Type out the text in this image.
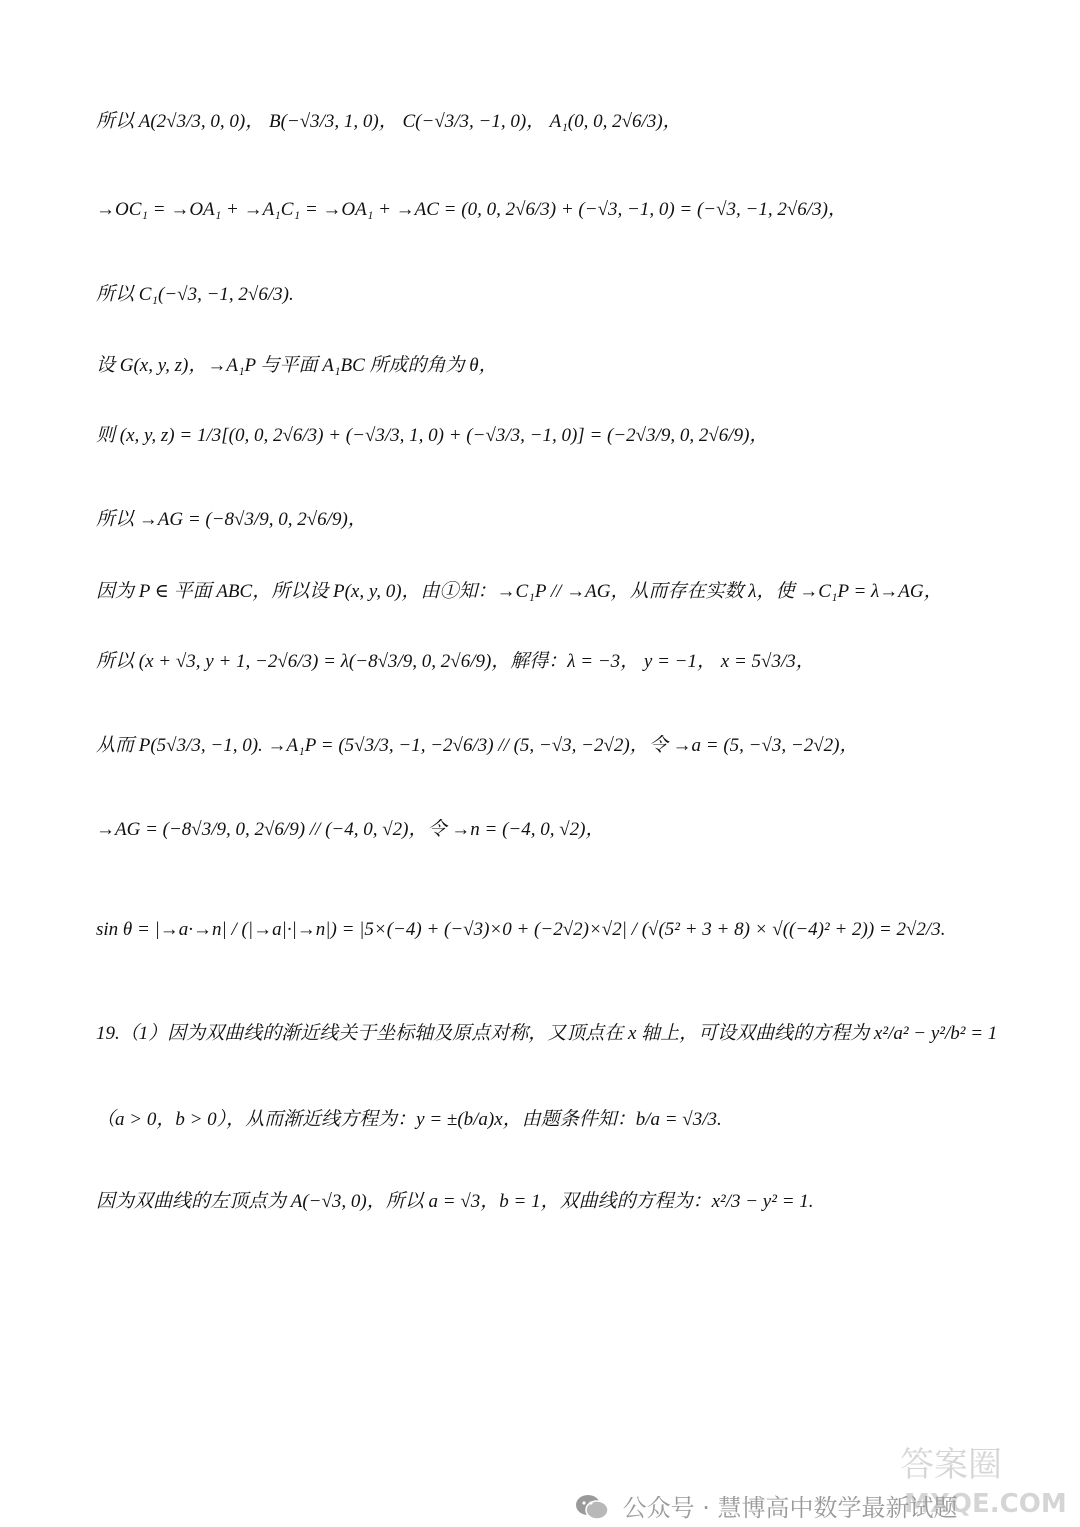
所以 A(2√3/3, 0, 0)， B(−√3/3, 1, 0)， C(−√3/3, −1, 0)， A₁(0, 0, 2√6/3)，
→OC₁ = →OA₁ + →A₁C₁ = →OA₁ + →AC = (0, 0, 2√6/3) + (−√3, −1, 0) = (−√3, −1, 2√6/3)，
所以 C₁(−√3, −1, 2√6/3).
设 G(x, y, z)，→A₁P 与平面 A₁BC 所成的角为 θ，
则 (x, y, z) = 1/3[(0, 0, 2√6/3) + (−√3/3, 1, 0) + (−√3/3, −1, 0)] = (−2√3/9, 0, 2√6/9)，
所以 →AG = (−8√3/9, 0, 2√6/9)，
因为 P ∈ 平面 ABC，所以设 P(x, y, 0)，由①知：→C₁P // →AG，从而存在实数 λ，使 →C₁P = λ→AG，
所以 (x + √3, y + 1, −2√6/3) = λ(−8√3/9, 0, 2√6/9)，解得：λ = −3， y = −1， x = 5√3/3，
从而 P(5√3/3, −1, 0). →A₁P = (5√3/3, −1, −2√6/3) // (5, −√3, −2√2)，令 →a = (5, −√3, −2√2)，
→AG = (−8√3/9, 0, 2√6/9) // (−4, 0, √2)，令 →n = (−4, 0, √2)，
sin θ = |→a·→n| / (|→a|·|→n|) = |5×(−4) + (−√3)×0 + (−2√2)×√2| / (√(5² + 3 + 8) × √((−4)² + 2)) = 2√2/3.
19.（1）因为双曲线的渐近线关于坐标轴及原点对称，又顶点在 x 轴上，可设双曲线的方程为 x²/a² − y²/b² = 1
（a > 0，b > 0），从而渐近线方程为：y = ±(b/a)x，由题条件知：b/a = √3/3.
因为双曲线的左顶点为 A(−√3, 0)，所以 a = √3，b = 1，双曲线的方程为：x²/3 − y² = 1.
答案圈
MXQE.COM
公众号 · 慧博高中数学最新试题
